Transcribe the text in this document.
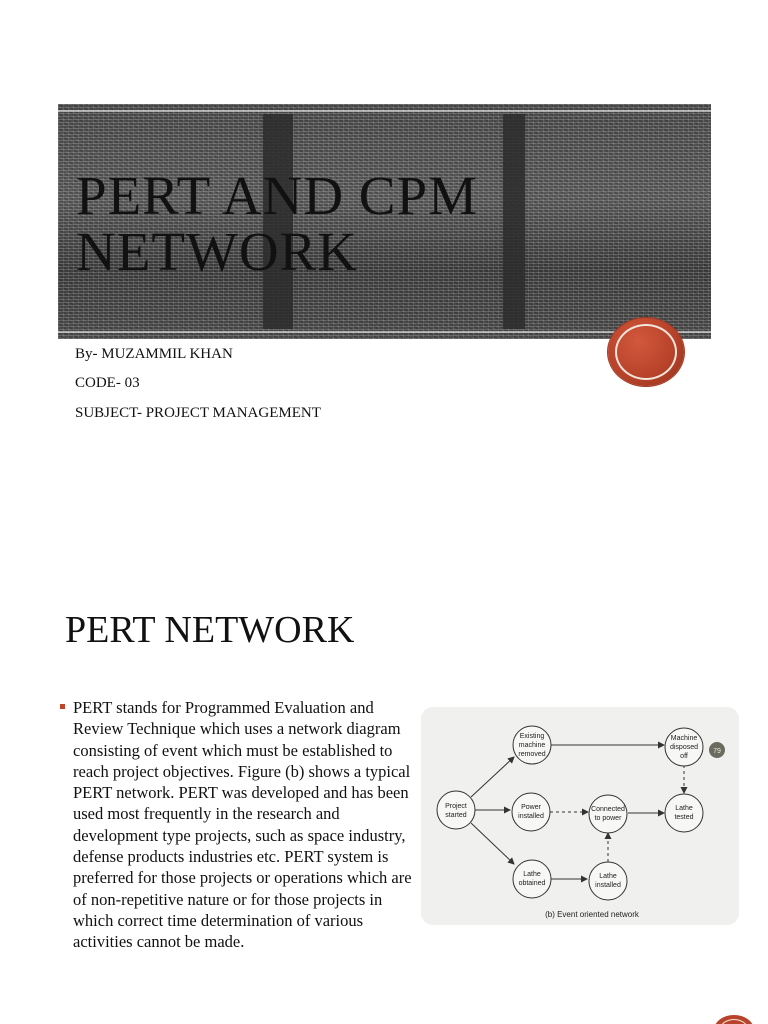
PERT AND CPM
NETWORK
By- MUZAMMIL KHAN
CODE- 03
SUBJECT- PROJECT MANAGEMENT
PERT NETWORK

PERT stands for Programmed Evaluation and Review Technique which uses a network diagram consisting of event which must be established to reach project objectives. Figure (b) shows a typical PERT network. PERT was developed and has been used most frequently in the research and development type projects, such as space industry, defense products industries etc. PERT system is preferred for those projects or operations which are of non-repetitive nature or for those projects in which correct time determination of various activities cannot be made.

Project
started
Existing
machine
removed
Power
installed
Lathe
obtained
Connected
to power
Lathe
installed
Machine
disposed
off
Lathe
tested
79
(b) Event oriented network
